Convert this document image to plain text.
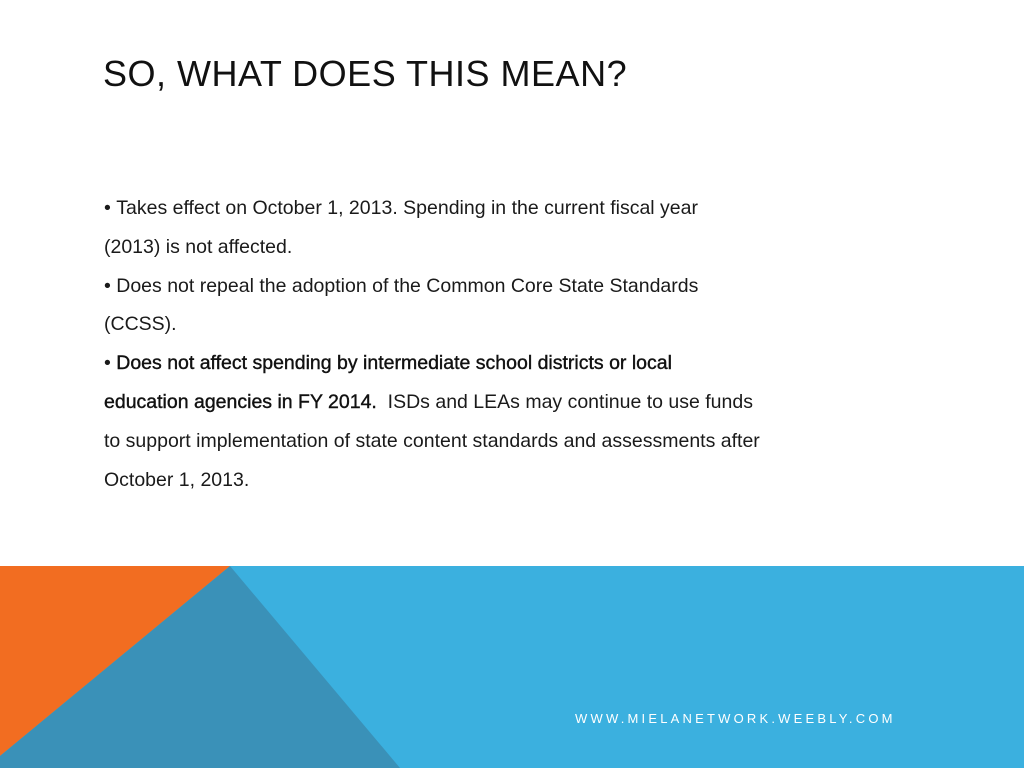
SO, WHAT DOES THIS MEAN?
• Takes effect on October 1, 2013. Spending in the current fiscal year
(2013) is not affected.
• Does not repeal the adoption of the Common Core State Standards
(CCSS).
• Does not affect spending by intermediate school districts or local
education agencies in FY 2014.  ISDs and LEAs may continue to use funds
to support implementation of state content standards and assessments after
October 1, 2013.
WWW.MIELANETWORK.WEEBLY.COM
